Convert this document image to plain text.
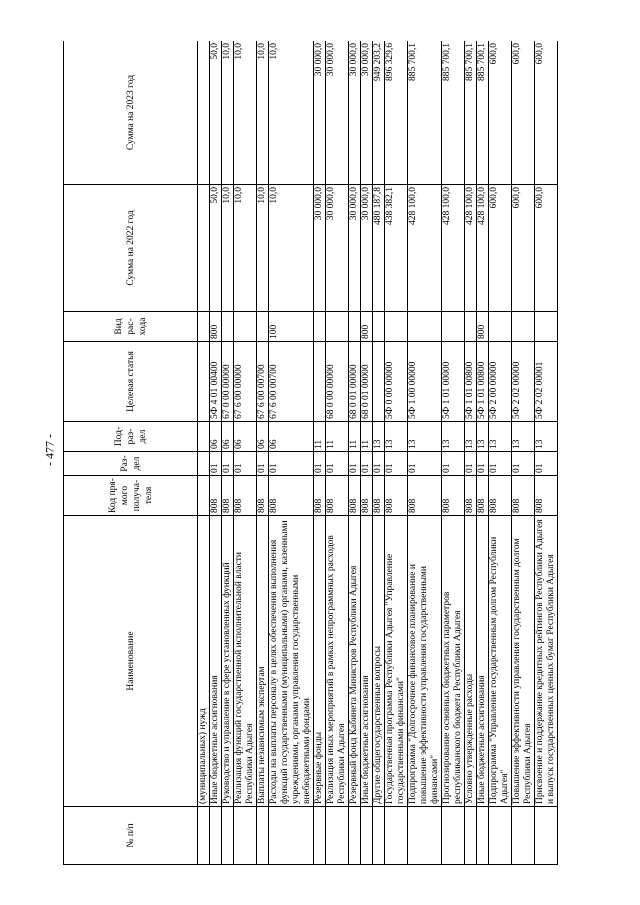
- 477 -
№ п/п	Наименование	Код пря- мого получа- теля	Раз- дел	Под- раз- дел	Целевая статья	Вид рас- хода	Сумма на 2022 год	Сумма на 2023 год
	(муниципальных) нужд							
	Иные бюджетные ассигнования	808	01	06	5Ф 4 01 00400	800	50,0	50,0
	Руководство и управление в сфере установленных функций	808	01	06	67 0 00 00000		10,0	10,0
	Реализация функций государственной исполнительной власти Республики Адыгея	808	01	06	67 6 00 00000		10,0	10,0
	Выплаты независимым экспертам	808	01	06	67 6 00 00700		10,0	10,0
	Расходы на выплаты персоналу в целях обеспечения выполнения функций государственными (муниципальными) органами, казенными учреждениями, органами управления государственными внебюджетными фондами	808	01	06	67 6 00 00700	100	10,0	10,0
	Резервные фонды	808	01	11			30 000,0	30 000,0
	Реализация иных мероприятий в рамках непрограммных расходов Республики Адыгея	808	01	11	68 0 00 00000		30 000,0	30 000,0
	Резервный фонд Кабинета Министров Республики Адыгея	808	01	11	68 0 01 00000		30 000,0	30 000,0
	Иные бюджетные ассигнования	808	01	11	68 0 01 00000	800	30 000,0	30 000,0
	Другие общегосударственные вопросы	808	01	13			480 187,8	949 203,2
	Государственная программа Республики Адыгея "Управление государственными финансами"	808	01	13	5Ф 0 00 00000		438 382,1	896 329,6
	Подпрограмма "Долгосрочное финансовое планирование и повышение эффективности управления государственными финансами"	808	01	13	5Ф 1 00 00000		428 100,0	885 700,1
	Прогнозирование основных бюджетных параметров республиканского бюджета Республики Адыгея	808	01	13	5Ф 1 01 00000		428 100,0	885 700,1
	Условно утвержденные расходы	808	01	13	5Ф 1 01 00800		428 100,0	885 700,1
	Иные бюджетные ассигнования	808	01	13	5Ф 1 01 00800	800	428 100,0	885 700,1
	Подпрограмма "Управление государственным долгом Республики Адыгея"	808	01	13	5Ф 2 00 00000		600,0	600,0
	Повышение эффективности управления государственным долгом Республики Адыгея	808	01	13	5Ф 2 02 00000		600,0	600,0
	Присвоение и поддержание кредитных рейтингов Республики Адыгея и выпуск государственных ценных бумаг Республики Адыгея	808	01	13	5Ф 2 02 00001		600,0	600,0
